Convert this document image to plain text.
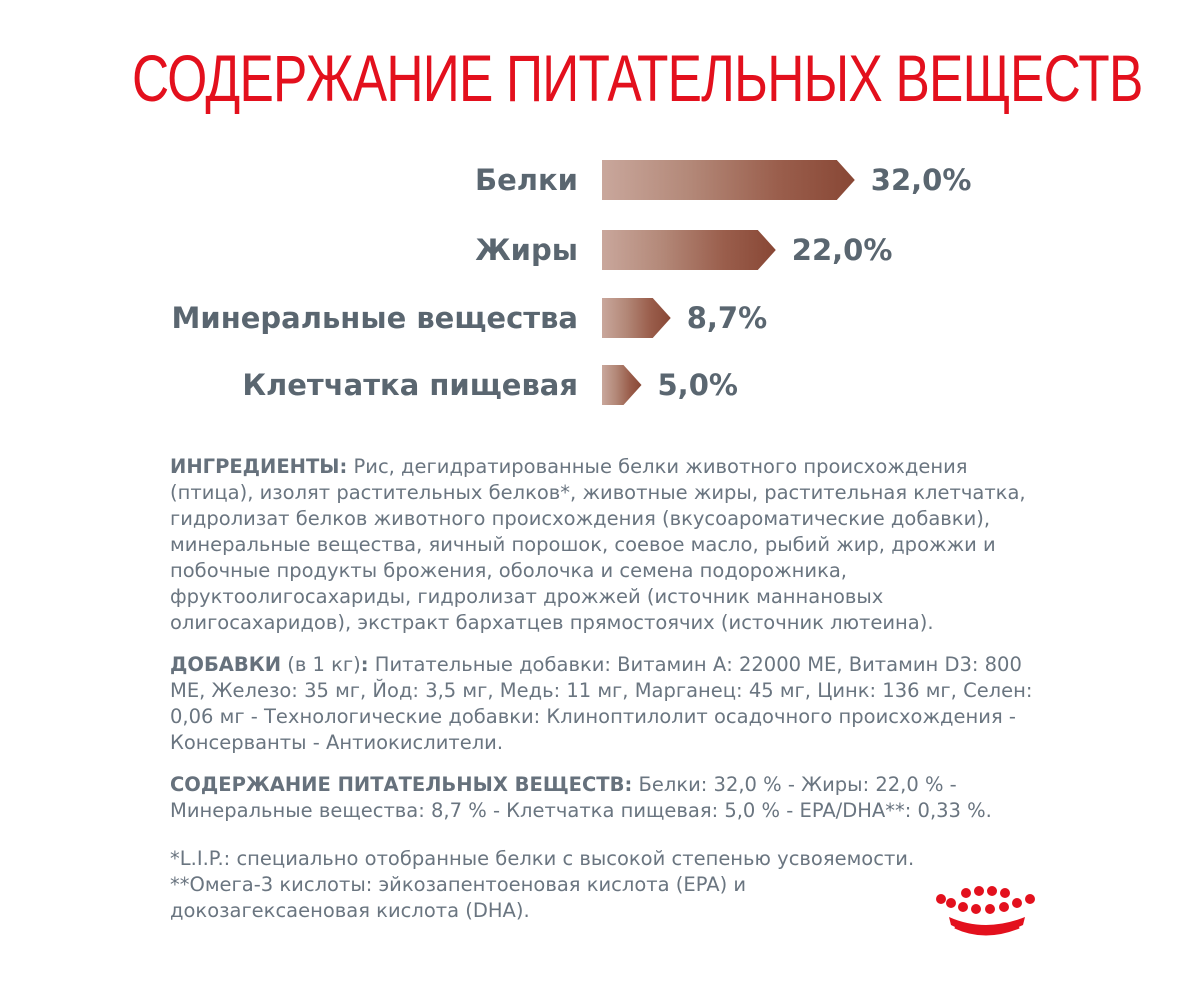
СОДЕРЖАНИЕ ПИТАТЕЛЬНЫХ ВЕЩЕСТВ
Белки	32,0%
Жиры	22,0%
Минеральные вещества	8,7%
Клетчатка пищевая	5,0%

ИНГРЕДИЕНТЫ: Рис, дегидратированные белки животного происхождения (птица), изолят растительных белков*, животные жиры, растительная клетчатка, гидролизат белков животного происхождения (вкусоароматические добавки), минеральные вещества, яичный порошок, соевое масло, рыбий жир, дрожжи и побочные продукты брожения, оболочка и семена подорожника, фруктоолигосахариды, гидролизат дрожжей (источник маннановых олигосахаридов), экстракт бархатцев прямостоячих (источник лютеина).

ДОБАВКИ (в 1 кг): Питательные добавки: Витамин А: 22000 МЕ, Витамин D3: 800 МЕ, Железо: 35 мг, Йод: 3,5 мг, Медь: 11 мг, Марганец: 45 мг, Цинк: 136 мг, Селен: 0,06 мг - Технологические добавки: Клиноптилолит осадочного происхождения - Консерванты - Антиокислители.

СОДЕРЖАНИЕ ПИТАТЕЛЬНЫХ ВЕЩЕСТВ: Белки: 32,0 % - Жиры: 22,0 % - Минеральные вещества: 8,7 % - Клетчатка пищевая: 5,0 % - EPA/DHA**: 0,33 %.

*L.I.P.: специально отобранные белки с высокой степенью усвояемости.
**Омега-3 кислоты: эйкозапентоеновая кислота (EPA) и докозагексаеновая кислота (DHA).
